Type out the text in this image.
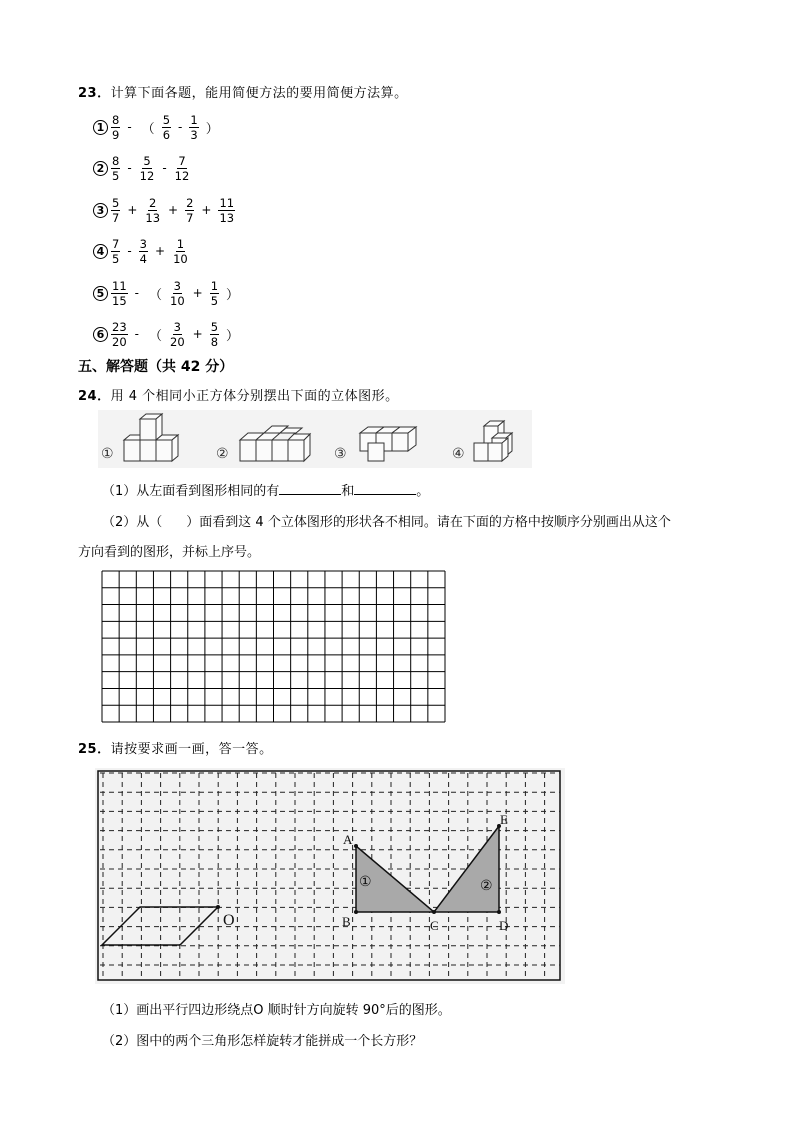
23．计算下面各题，能用简便方法的要用简便方法算。
$1 \frac{8}{9}$ - （ $\frac{5}{6} - \frac{1}{3}$ ）
$2 \frac{8}{5} - \frac{5}{12} - \frac{7}{12}$
$3 \frac{5}{7} + \frac{2}{13} + \frac{2}{7} + \frac{11}{13}$
$4 \frac{7}{5} - \frac{3}{4} + \frac{1}{10}$
$5 \frac{11}{15}$ - （ $\frac{3}{10} + \frac{1}{5}$ ）
$6 \frac{23}{20}$ - （ $\frac{3}{20} + \frac{5}{8}$ ）
五、解答题（共 42 分）
24．用 4 个相同小正方体分别摆出下面的立体图形。
①	②	③	④
（1）从左面看到图形相同的有	和	。
（2）从（ ）面看到这 4 个立体图形的形状各不相同。请在下面的方格中按顺序分别画出从这个
方向看到的图形，并标上序号。
25．请按要求画一画，答一答。
A
B	C	D
E
O
①	②
（1）画出平行四边形绕点O 顺时针方向旋转 90°后的图形。
（2）图中的两个三角形怎样旋转才能拼成一个长方形？
